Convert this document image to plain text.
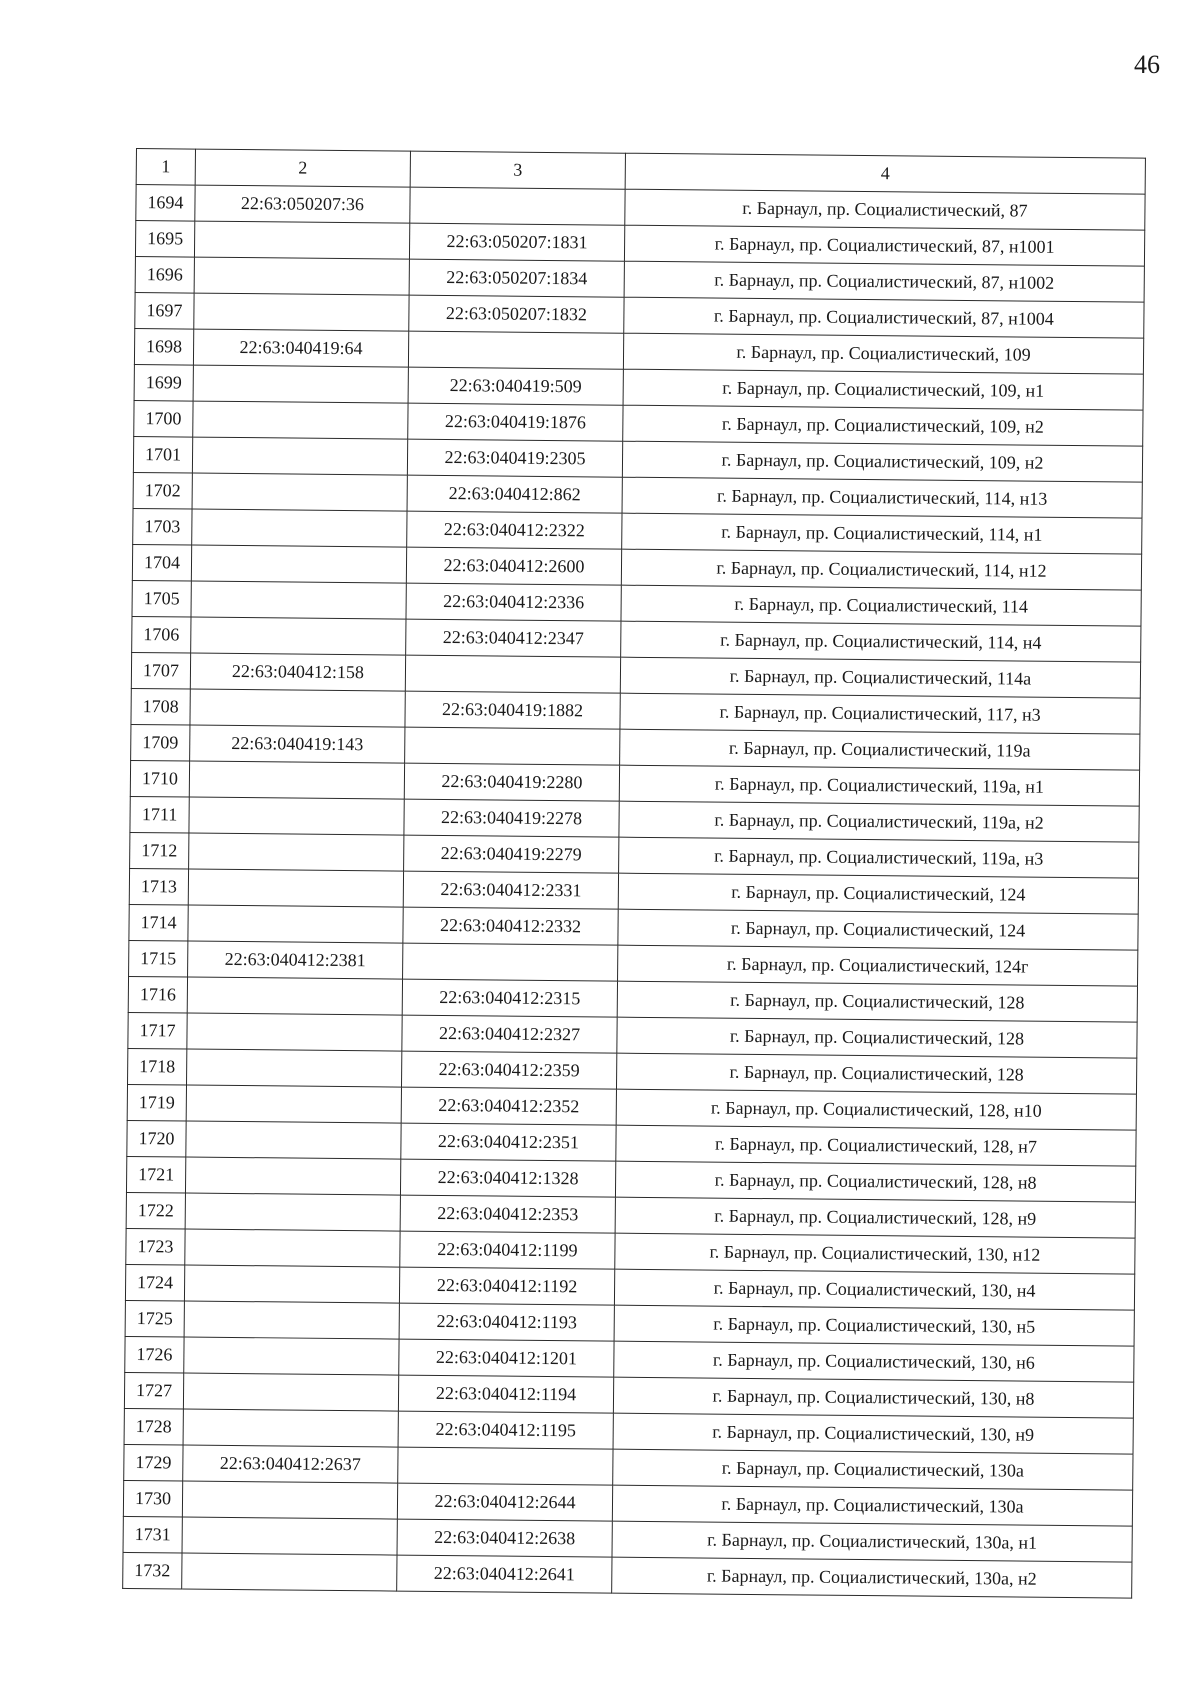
46
1	2	3	4
1694	22:63:050207:36		г. Барнаул, пр. Социалистический, 87
1695		22:63:050207:1831	г. Барнаул, пр. Социалистический, 87, н1001
1696		22:63:050207:1834	г. Барнаул, пр. Социалистический, 87, н1002
1697		22:63:050207:1832	г. Барнаул, пр. Социалистический, 87, н1004
1698	22:63:040419:64		г. Барнаул, пр. Социалистический, 109
1699		22:63:040419:509	г. Барнаул, пр. Социалистический, 109, н1
1700		22:63:040419:1876	г. Барнаул, пр. Социалистический, 109, н2
1701		22:63:040419:2305	г. Барнаул, пр. Социалистический, 109, н2
1702		22:63:040412:862	г. Барнаул, пр. Социалистический, 114, н13
1703		22:63:040412:2322	г. Барнаул, пр. Социалистический, 114, н1
1704		22:63:040412:2600	г. Барнаул, пр. Социалистический, 114, н12
1705		22:63:040412:2336	г. Барнаул, пр. Социалистический, 114
1706		22:63:040412:2347	г. Барнаул, пр. Социалистический, 114, н4
1707	22:63:040412:158		г. Барнаул, пр. Социалистический, 114а
1708		22:63:040419:1882	г. Барнаул, пр. Социалистический, 117, н3
1709	22:63:040419:143		г. Барнаул, пр. Социалистический, 119а
1710		22:63:040419:2280	г. Барнаул, пр. Социалистический, 119а, н1
1711		22:63:040419:2278	г. Барнаул, пр. Социалистический, 119а, н2
1712		22:63:040419:2279	г. Барнаул, пр. Социалистический, 119а, н3
1713		22:63:040412:2331	г. Барнаул, пр. Социалистический, 124
1714		22:63:040412:2332	г. Барнаул, пр. Социалистический, 124
1715	22:63:040412:2381		г. Барнаул, пр. Социалистический, 124г
1716		22:63:040412:2315	г. Барнаул, пр. Социалистический, 128
1717		22:63:040412:2327	г. Барнаул, пр. Социалистический, 128
1718		22:63:040412:2359	г. Барнаул, пр. Социалистический, 128
1719		22:63:040412:2352	г. Барнаул, пр. Социалистический, 128, н10
1720		22:63:040412:2351	г. Барнаул, пр. Социалистический, 128, н7
1721		22:63:040412:1328	г. Барнаул, пр. Социалистический, 128, н8
1722		22:63:040412:2353	г. Барнаул, пр. Социалистический, 128, н9
1723		22:63:040412:1199	г. Барнаул, пр. Социалистический, 130, н12
1724		22:63:040412:1192	г. Барнаул, пр. Социалистический, 130, н4
1725		22:63:040412:1193	г. Барнаул, пр. Социалистический, 130, н5
1726		22:63:040412:1201	г. Барнаул, пр. Социалистический, 130, н6
1727		22:63:040412:1194	г. Барнаул, пр. Социалистический, 130, н8
1728		22:63:040412:1195	г. Барнаул, пр. Социалистический, 130, н9
1729	22:63:040412:2637		г. Барнаул, пр. Социалистический, 130а
1730		22:63:040412:2644	г. Барнаул, пр. Социалистический, 130а
1731		22:63:040412:2638	г. Барнаул, пр. Социалистический, 130а, н1
1732		22:63:040412:2641	г. Барнаул, пр. Социалистический, 130а, н2
